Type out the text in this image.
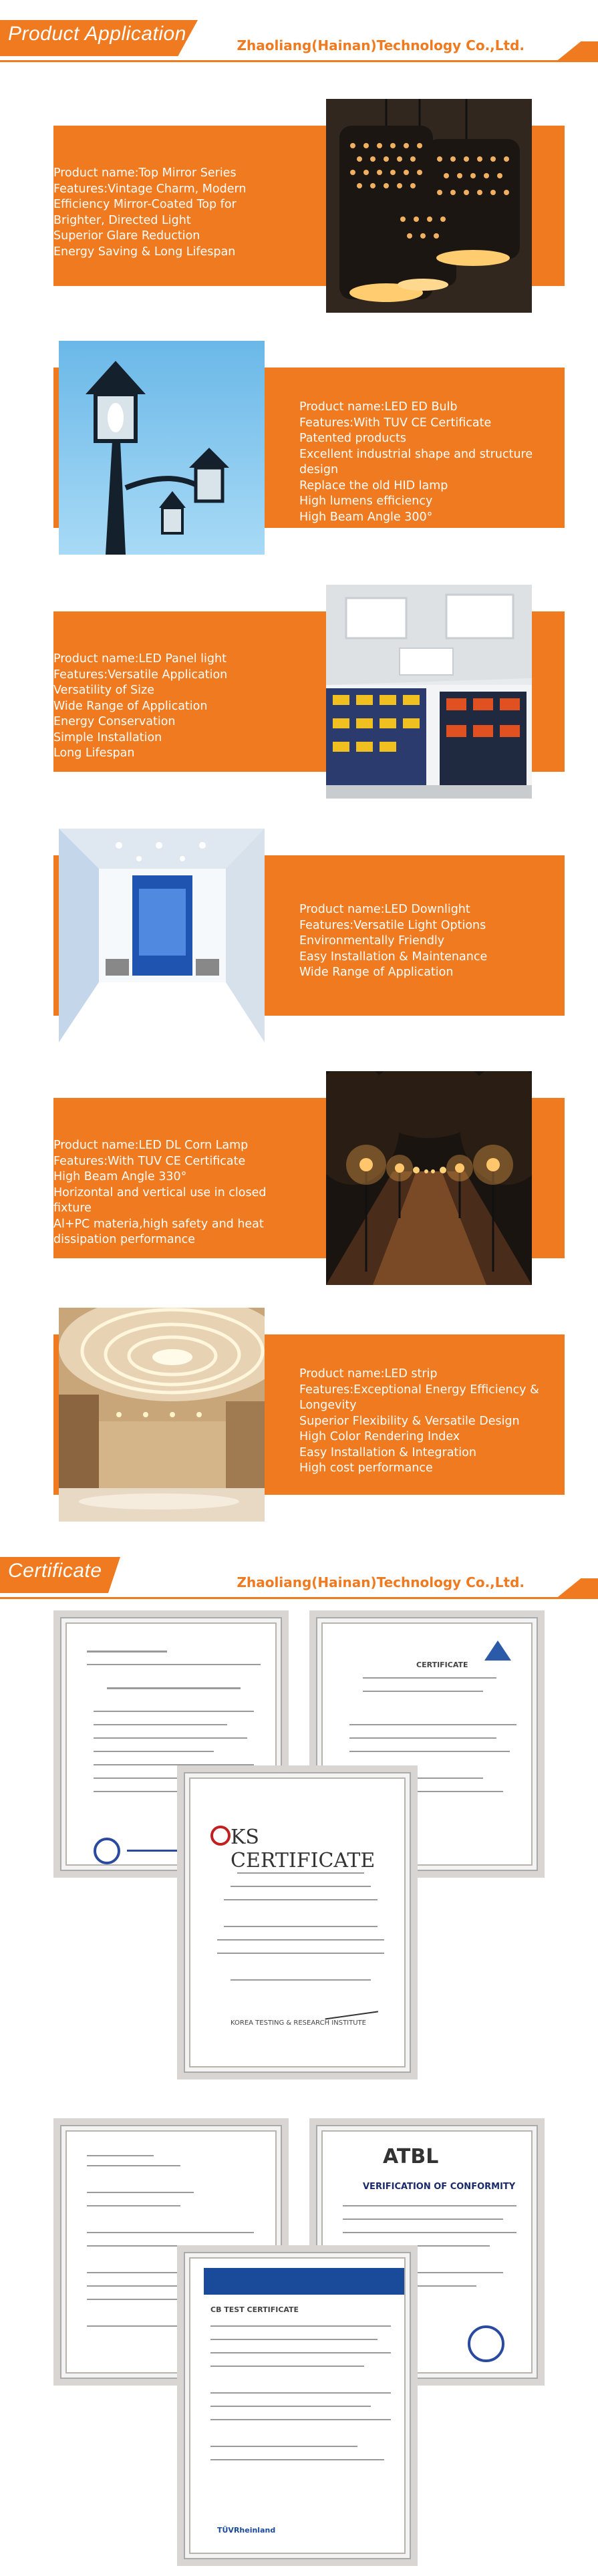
Product Application
Zhaoliang(Hainan)Technology Co.,Ltd.
Product name:Top Mirror Series
Features:Vintage Charm, Modern
Efficiency Mirror-Coated Top for
Brighter, Directed Light
Superior Glare Reduction
Energy Saving & Long Lifespan
Product name:LED ED Bulb
Features:With TUV CE Certificate
Patented products
Excellent industrial shape and structure
design
Replace the old HID lamp
High lumens efficiency
High Beam Angle 300°
Product name:LED Panel light
Features:Versatile Application
Versatility of Size
Wide Range of Application
Energy Conservation
Simple Installation
Long Lifespan
Product name:LED Downlight
Features:Versatile Light Options
Environmentally Friendly
Easy Installation & Maintenance
Wide Range of Application
Product name:LED DL Corn Lamp
Features:With TUV CE Certificate
High Beam Angle 330°
Horizontal and vertical use in closed
fixture
Al+PC materia,high safety and heat
dissipation performance
Product name:LED strip
Features:Exceptional Energy Efficiency &
Longevity
Superior Flexibility & Versatile Design
High Color Rendering Index
Easy Installation & Integration
High cost performance
Certificate
Zhaoliang(Hainan)Technology Co.,Ltd.
CERTIFICATE
KS CERTIFICATE
KOREA TESTING & RESEARCH INSTITUTE
ATBL
VERIFICATION OF CONFORMITY
CB TEST CERTIFICATE
TÜVRheinland
